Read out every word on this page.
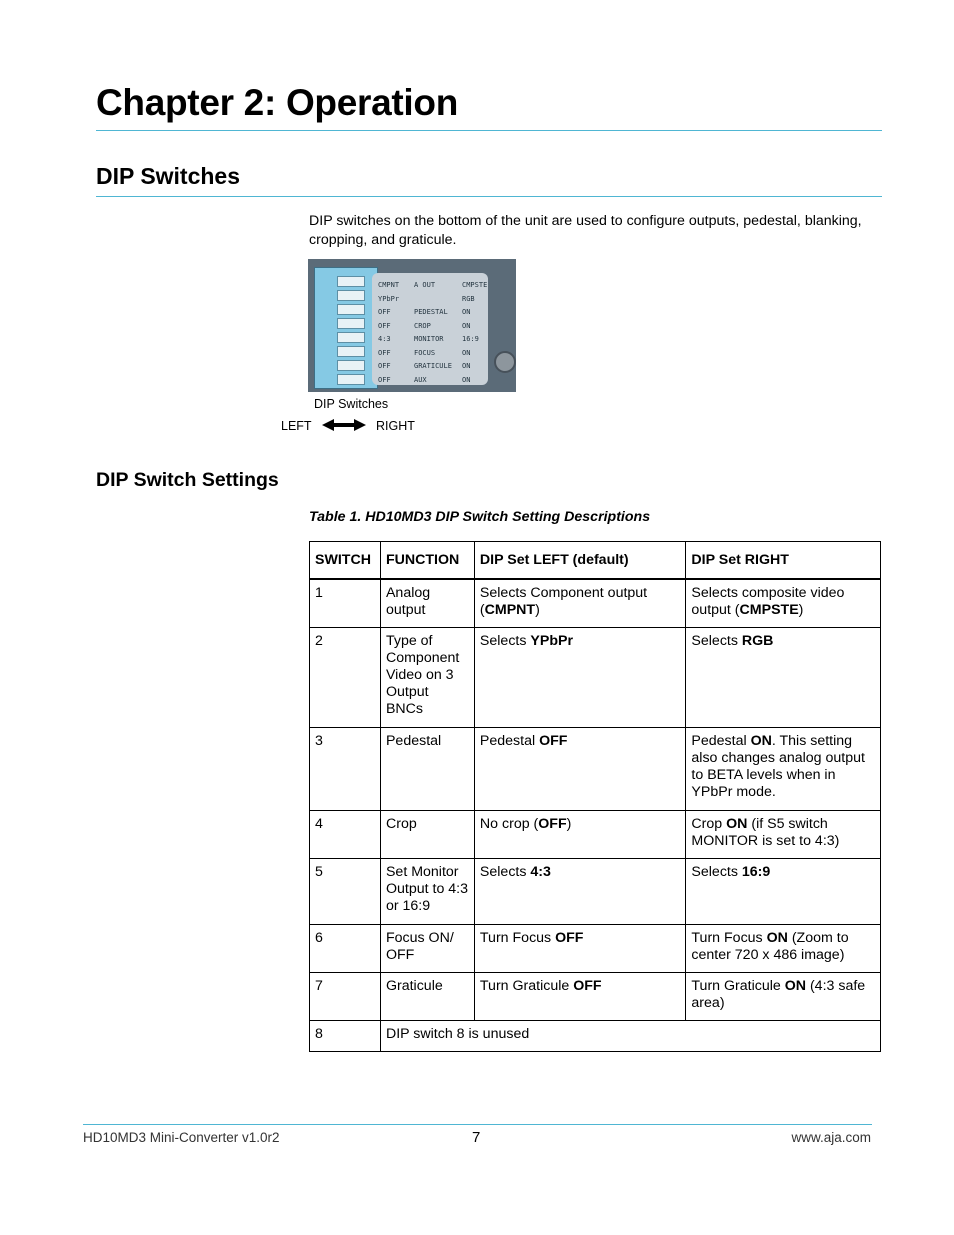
Chapter 2: Operation
DIP Switches

DIP switches on the bottom of the unit are used to configure outputs, pedestal, blanking, cropping, and graticule.

CMPNT A OUT	CMPSTE
YPbPr	RGB
OFF	PEDESTAL ON
OFF	CROP	ON
4:3	MONITOR	16:9
OFF	FOCUS	ON
OFF	GRATICULE ON
OFF	AUX	ON
DIP Switches
LEFT	RIGHT
DIP Switch Settings

Table 1. HD10MD3 DIP Switch Setting Descriptions

SWITCH	FUNCTION	DIP Set LEFT (default)	DIP Set RIGHT
1	Analog output	Selects Component output (CMPNT)	Selects composite video output (CMPSTE)
2	Type of Component Video on 3 Output BNCs	Selects YPbPr	Selects RGB
3	Pedestal	Pedestal OFF	Pedestal ON. This setting also changes analog output to BETA levels when in YPbPr mode.
4	Crop	No crop (OFF)	Crop ON (if S5 switch MONITOR is set to 4:3)
5	Set Monitor Output to 4:3 or 16:9	Selects 4:3	Selects 16:9
6	Focus ON/ OFF	Turn Focus OFF	Turn Focus ON (Zoom to center 720 x 486 image)
7	Graticule	Turn Graticule OFF	Turn Graticule ON (4:3 safe area)
8	DIP switch 8 is unused		
HD10MD3 Mini-Converter v1.0r2	7	www.aja.com
